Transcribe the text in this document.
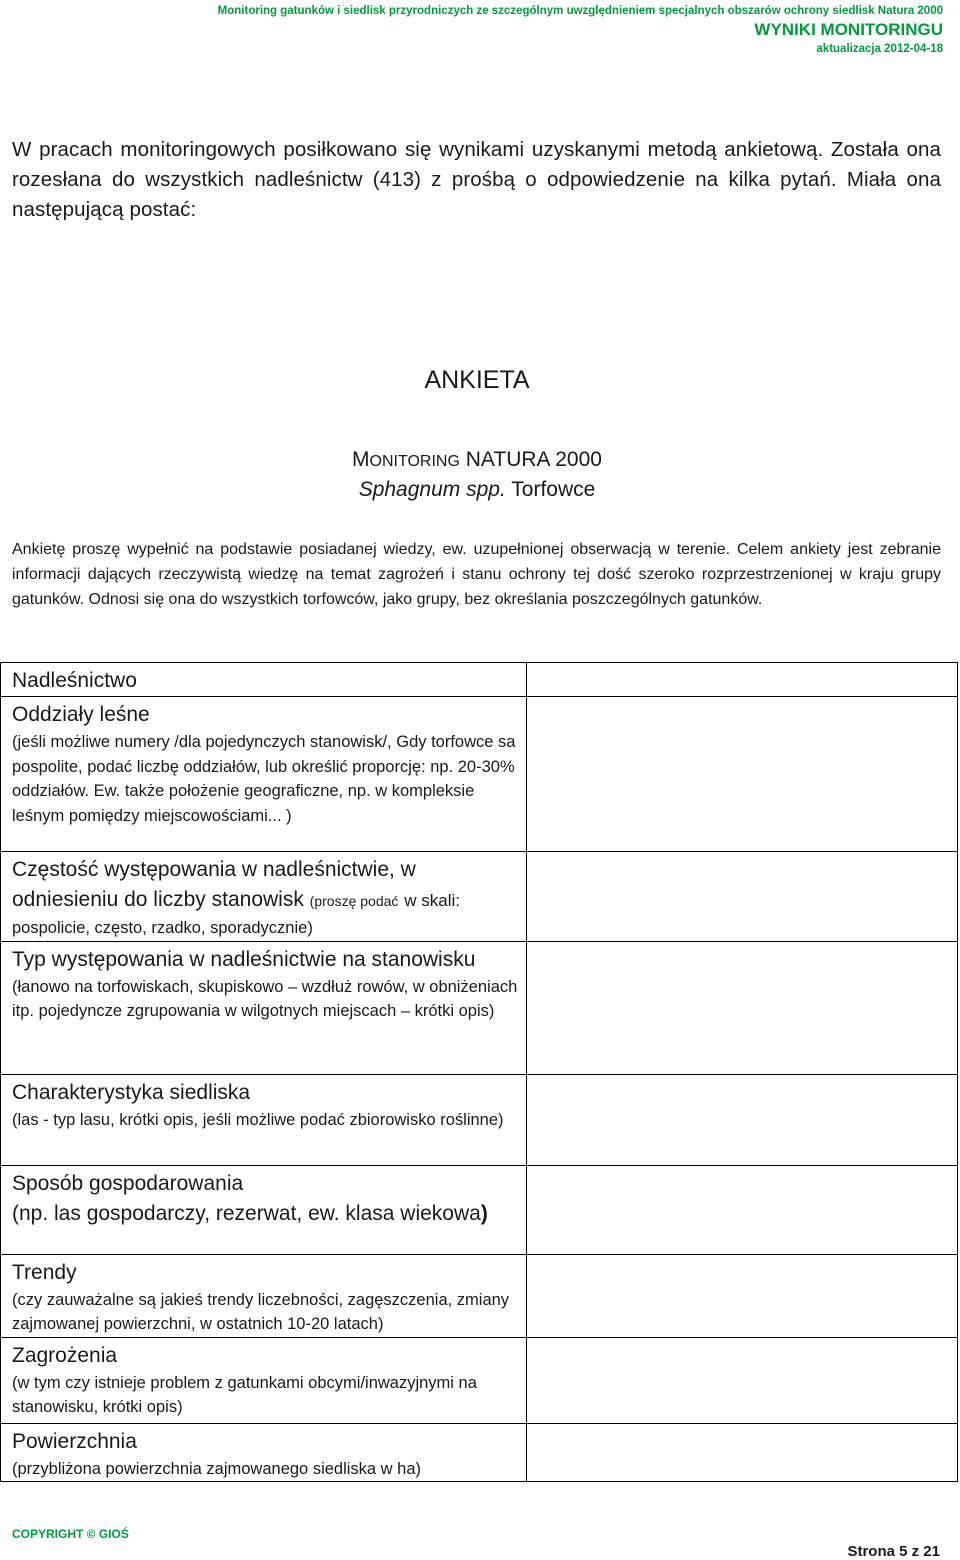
Monitoring gatunków i siedlisk przyrodniczych ze szczególnym uwzględnieniem specjalnych obszarów ochrony siedlisk Natura 2000
WYNIKI MONITORINGU
aktualizacja 2012-04-18

W pracach monitoringowych posiłkowano się wynikami uzyskanymi metodą ankietową. Została ona rozesłana do wszystkich nadleśnictw (413) z prośbą o odpowiedzenie na kilka pytań. Miała ona następującą postać:

ANKIETA
MONITORING NATURA 2000
Sphagnum spp. Torfowce

Ankietę proszę wypełnić na podstawie posiadanej wiedzy, ew. uzupełnionej obserwacją w terenie. Celem ankiety jest zebranie informacji dających rzeczywistą wiedzę na temat zagrożeń i stanu ochrony tej dość szeroko rozprzestrzenionej w kraju grupy gatunków. Odnosi się ona do wszystkich torfowców, jako grupy, bez określania poszczególnych gatunków.

Nadleśnictwo	

Oddziały leśne
(jeśli możliwe numery /dla pojedynczych stanowisk/, Gdy torfowce sa pospolite, podać liczbę oddziałów, lub określić proporcję: np. 20-30% oddziałów. Ew. także położenie geograficzne, np. w kompleksie leśnym pomiędzy miejscowościami... )	

Częstość występowania w nadleśnictwie, w odniesieniu do liczby stanowisk (proszę podać w skali:
pospolicie, często, rzadko, sporadycznie)	

Typ występowania w nadleśnictwie na stanowisku
(łanowo na torfowiskach, skupiskowo – wzdłuż rowów, w obniżeniach itp. pojedyncze zgrupowania w wilgotnych miejscach – krótki opis)	

Charakterystyka siedliska
(las - typ lasu, krótki opis, jeśli możliwe podać zbiorowisko roślinne)	

Sposób gospodarowania
(np. las gospodarczy, rezerwat, ew. klasa wiekowa)	

Trendy
(czy zauważalne są jakieś trendy liczebności, zagęszczenia, zmiany zajmowanej powierzchni, w ostatnich 10-20 latach)	

Zagrożenia
(w tym czy istnieje problem z gatunkami obcymi/inwazyjnymi na stanowisku, krótki opis)	

Powierzchnia
(przybliżona powierzchnia zajmowanego siedliska w ha)	

COPYRIGHT © GIOŚ
Strona 5 z 21
